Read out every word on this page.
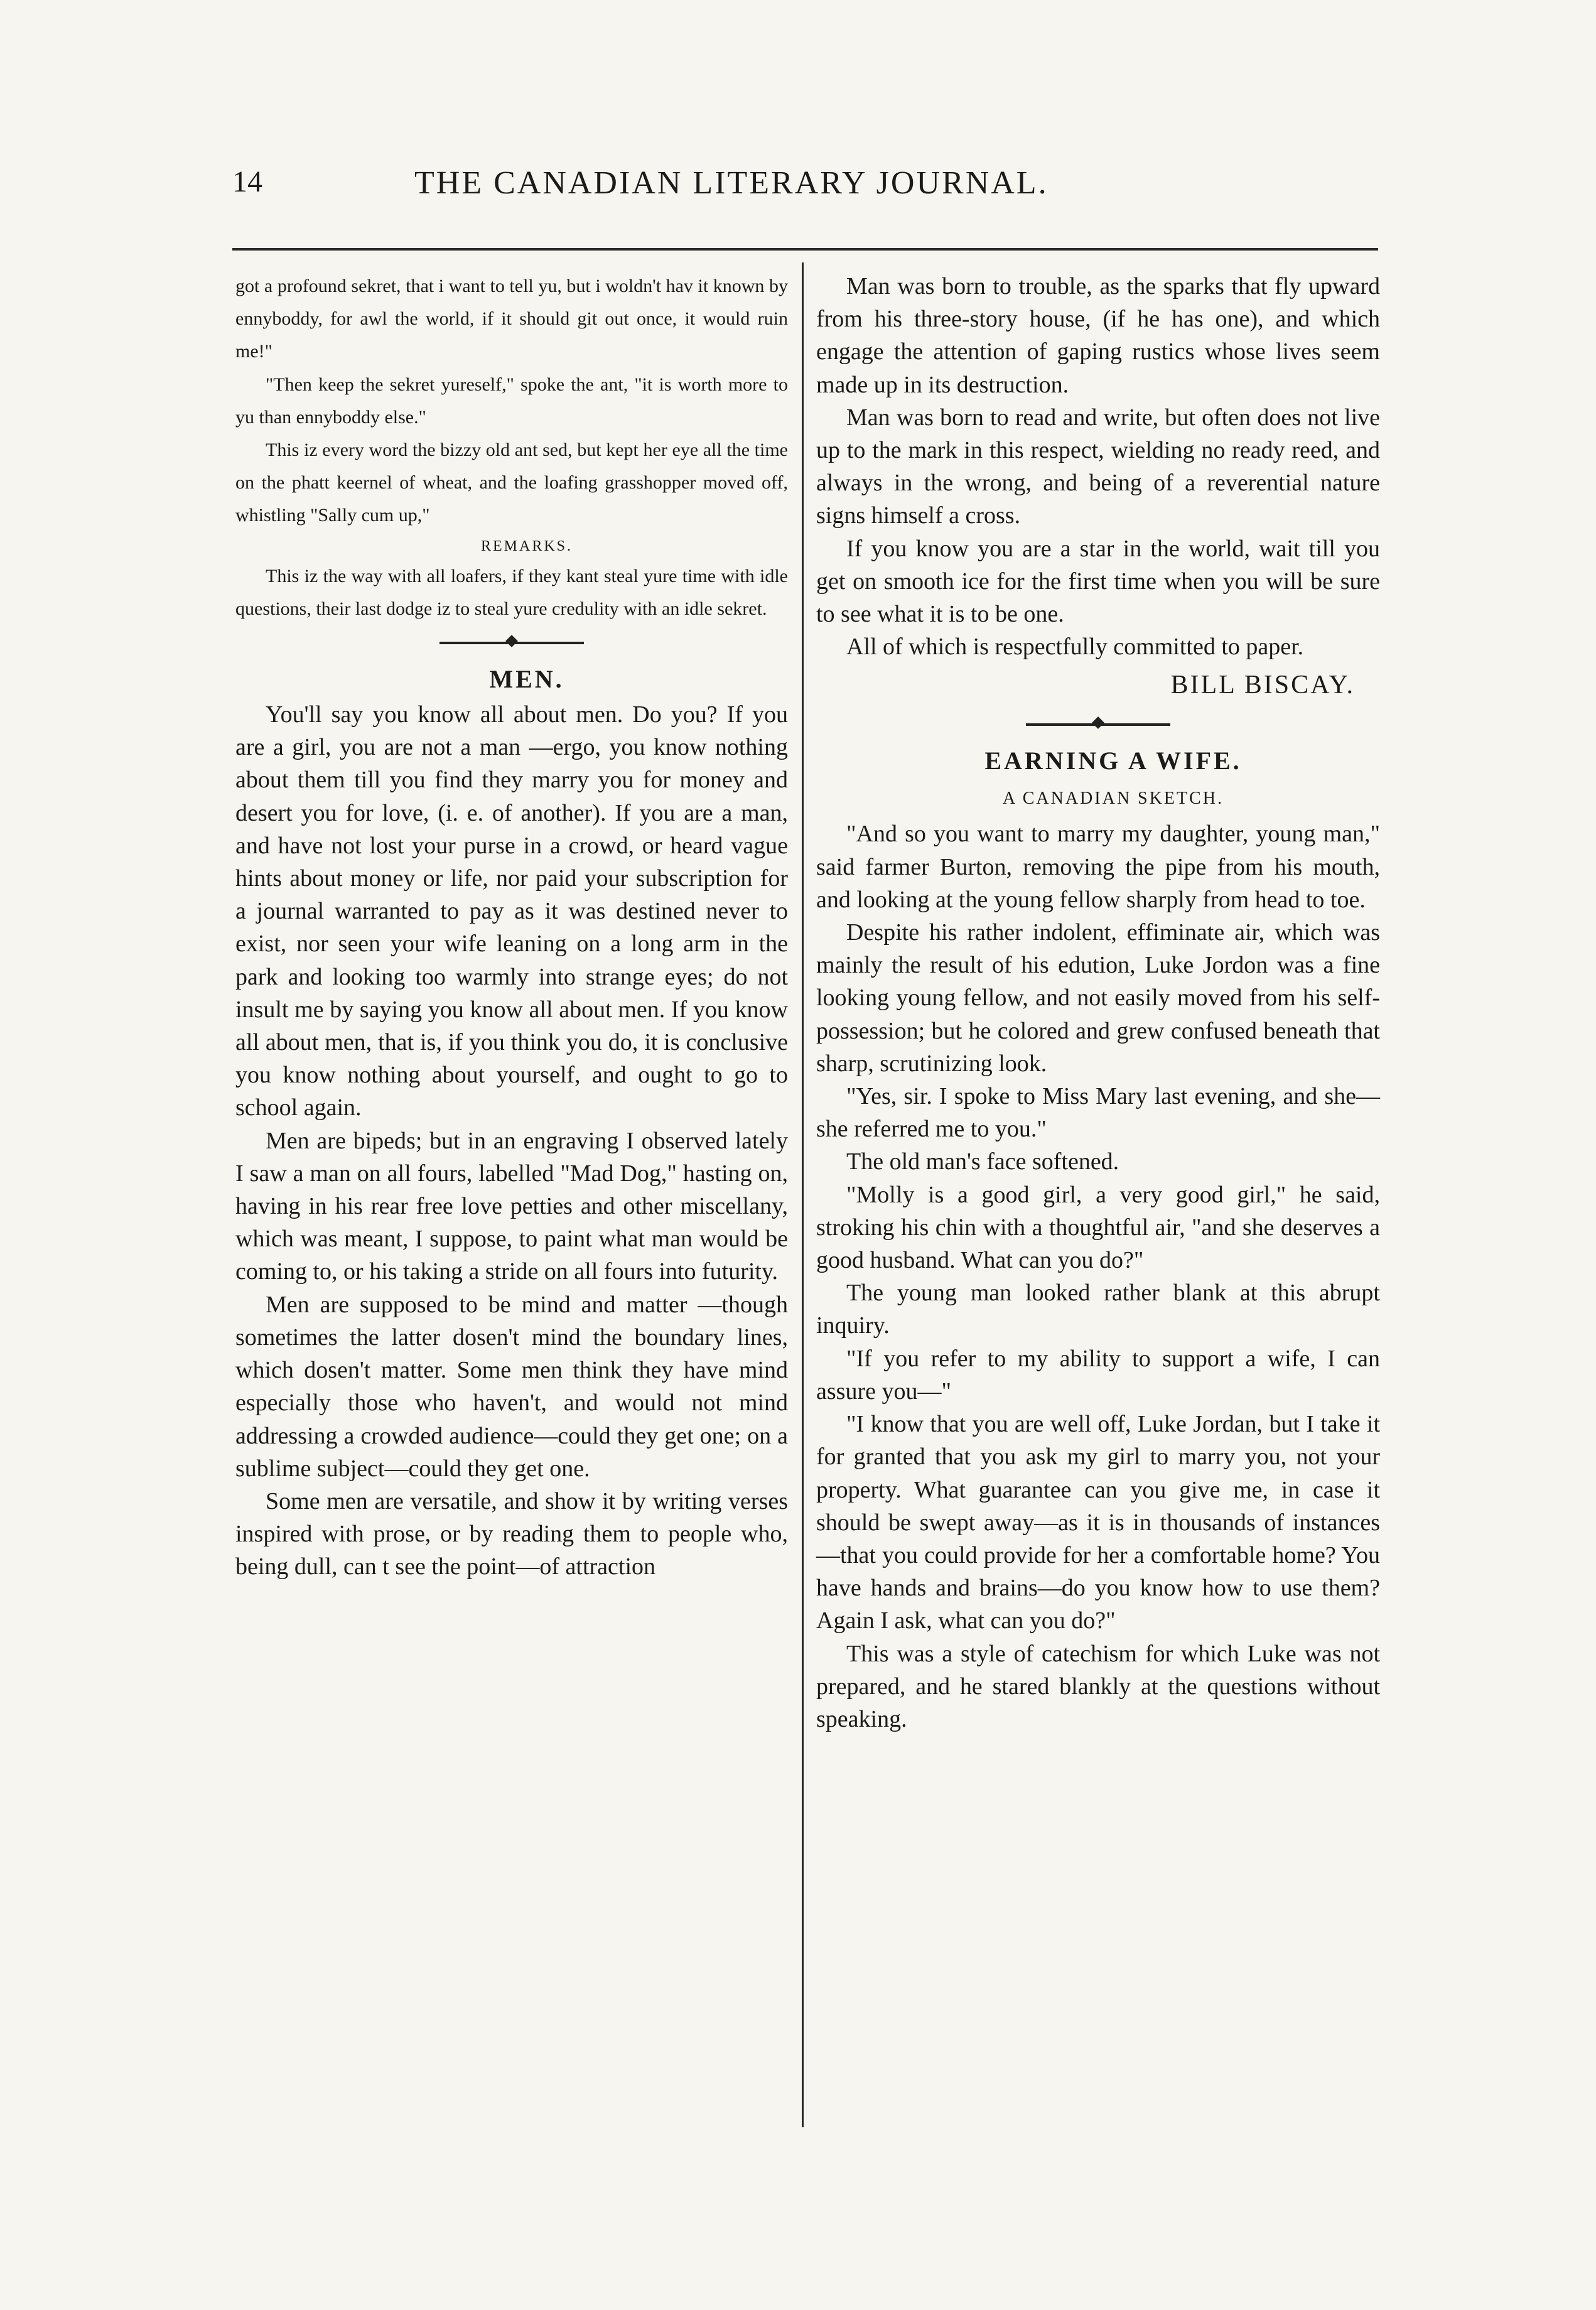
14	THE CANADIAN LITERARY JOURNAL.

got a profound sekret, that i want to tell yu, but i woldn't hav it known by ennyboddy, for awl the world, if it should git out once, it would ruin me!"

"Then keep the sekret yureself," spoke the ant, "it is worth more to yu than ennyboddy else."

This iz every word the bizzy old ant sed, but kept her eye all the time on the phatt keernel of wheat, and the loafing grasshopper moved off, whistling "Sally cum up,"

REMARKS.

This iz the way with all loafers, if they kant steal yure time with idle questions, their last dodge iz to steal yure credulity with an idle sekret.

MEN.

You'll say you know all about men. Do you? If you are a girl, you are not a man —ergo, you know nothing about them till you find they marry you for money and desert you for love, (i. e. of another). If you are a man, and have not lost your purse in a crowd, or heard vague hints about money or life, nor paid your subscription for a journal warranted to pay as it was destined never to exist, nor seen your wife leaning on a long arm in the park and looking too warmly into strange eyes; do not insult me by saying you know all about men. If you know all about men, that is, if you think you do, it is conclusive you know nothing about yourself, and ought to go to school again.

Men are bipeds; but in an engraving I observed lately I saw a man on all fours, labelled "Mad Dog," hasting on, having in his rear free love petties and other miscellany, which was meant, I suppose, to paint what man would be coming to, or his taking a stride on all fours into futurity.

Men are supposed to be mind and matter —though sometimes the latter dosen't mind the boundary lines, which dosen't matter. Some men think they have mind especially those who haven't, and would not mind addressing a crowded audience—could they get one; on a sublime subject—could they get one.

Some men are versatile, and show it by writing verses inspired with prose, or by reading them to people who, being dull, can t see the point—of attraction

Man was born to trouble, as the sparks that fly upward from his three-story house, (if he has one), and which engage the attention of gaping rustics whose lives seem made up in its destruction.

Man was born to read and write, but often does not live up to the mark in this respect, wielding no ready reed, and always in the wrong, and being of a reverential nature signs himself a cross.

If you know you are a star in the world, wait till you get on smooth ice for the first time when you will be sure to see what it is to be one.

All of which is respectfully committed to paper.

BILL BISCAY.

EARNING A WIFE.

A CANADIAN SKETCH.

"And so you want to marry my daughter, young man," said farmer Burton, removing the pipe from his mouth, and looking at the young fellow sharply from head to toe.

Despite his rather indolent, effiminate air, which was mainly the result of his edution, Luke Jordon was a fine looking young fellow, and not easily moved from his self-possession; but he colored and grew confused beneath that sharp, scrutinizing look.

"Yes, sir. I spoke to Miss Mary last evening, and she—she referred me to you."

The old man's face softened.

"Molly is a good girl, a very good girl," he said, stroking his chin with a thoughtful air, "and she deserves a good husband. What can you do?"

The young man looked rather blank at this abrupt inquiry.

"If you refer to my ability to support a wife, I can assure you—"

"I know that you are well off, Luke Jordan, but I take it for granted that you ask my girl to marry you, not your property. What guarantee can you give me, in case it should be swept away—as it is in thousands of instances—that you could provide for her a comfortable home? You have hands and brains—do you know how to use them? Again I ask, what can you do?"

This was a style of catechism for which Luke was not prepared, and he stared blankly at the questions without speaking.
